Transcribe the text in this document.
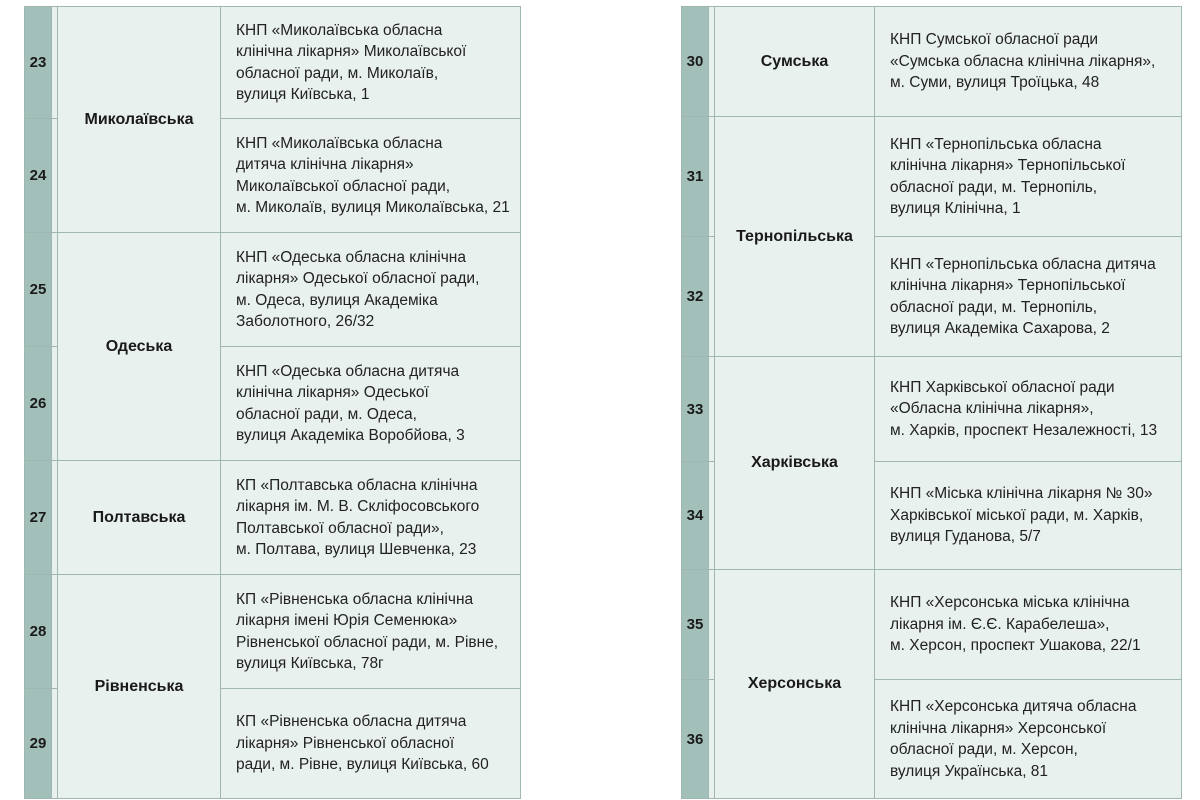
23		Миколаївська	КНП «Миколаївська обласна
клінічна лікарня» Миколаївської
обласної ради, м. Миколаїв,
вулиця Київська, 1

24			КНП «Миколаївська обласна
дитяча клінічна лікарня»
Миколаївської обласної ради,
м. Миколаїв, вулиця Миколаївська, 21

25		Одеська	КНП «Одеська обласна клінічна
лікарня» Одеської обласної ради,
м. Одеса, вулиця Академіка
Заболотного, 26/32

26			КНП «Одеська обласна дитяча
клінічна лікарня» Одеської
обласної ради, м. Одеса,
вулиця Академіка Воробйова, 3

27		Полтавська	КП «Полтавська обласна клінічна
лікарня ім. М. В. Скліфосовського
Полтавської обласної ради»,
м. Полтава, вулиця Шевченка, 23

28		Рівненська	КП «Рівненська обласна клінічна
лікарня імені Юрія Семенюка»
Рівненської обласної ради, м. Рівне,
вулиця Київська, 78г

29			КП «Рівненська обласна дитяча
лікарня» Рівненської обласної
ради, м. Рівне, вулиця Київська, 60
30		Сумська	КНП Сумської обласної ради
«Сумська обласна клінічна лікарня»,
м. Суми, вулиця Троїцька, 48

31		Тернопільська	КНП «Тернопільська обласна
клінічна лікарня» Тернопільської
обласної ради, м. Тернопіль,
вулиця Клінічна, 1

32			КНП «Тернопільська обласна дитяча
клінічна лікарня» Тернопільської
обласної ради, м. Тернопіль,
вулиця Академіка Сахарова, 2

33		Харківська	КНП Харківської обласної ради
«Обласна клінічна лікарня»,
м. Харків, проспект Незалежності, 13

34			КНП «Міська клінічна лікарня № 30»
Харківської міської ради, м. Харків,
вулиця Гуданова, 5/7

35		Херсонська	КНП «Херсонська міська клінічна
лікарня ім. Є.Є. Карабелеша»,
м. Херсон, проспект Ушакова, 22/1

36			КНП «Херсонська дитяча обласна
клінічна лікарня» Херсонської
обласної ради, м. Херсон,
вулиця Українська, 81
